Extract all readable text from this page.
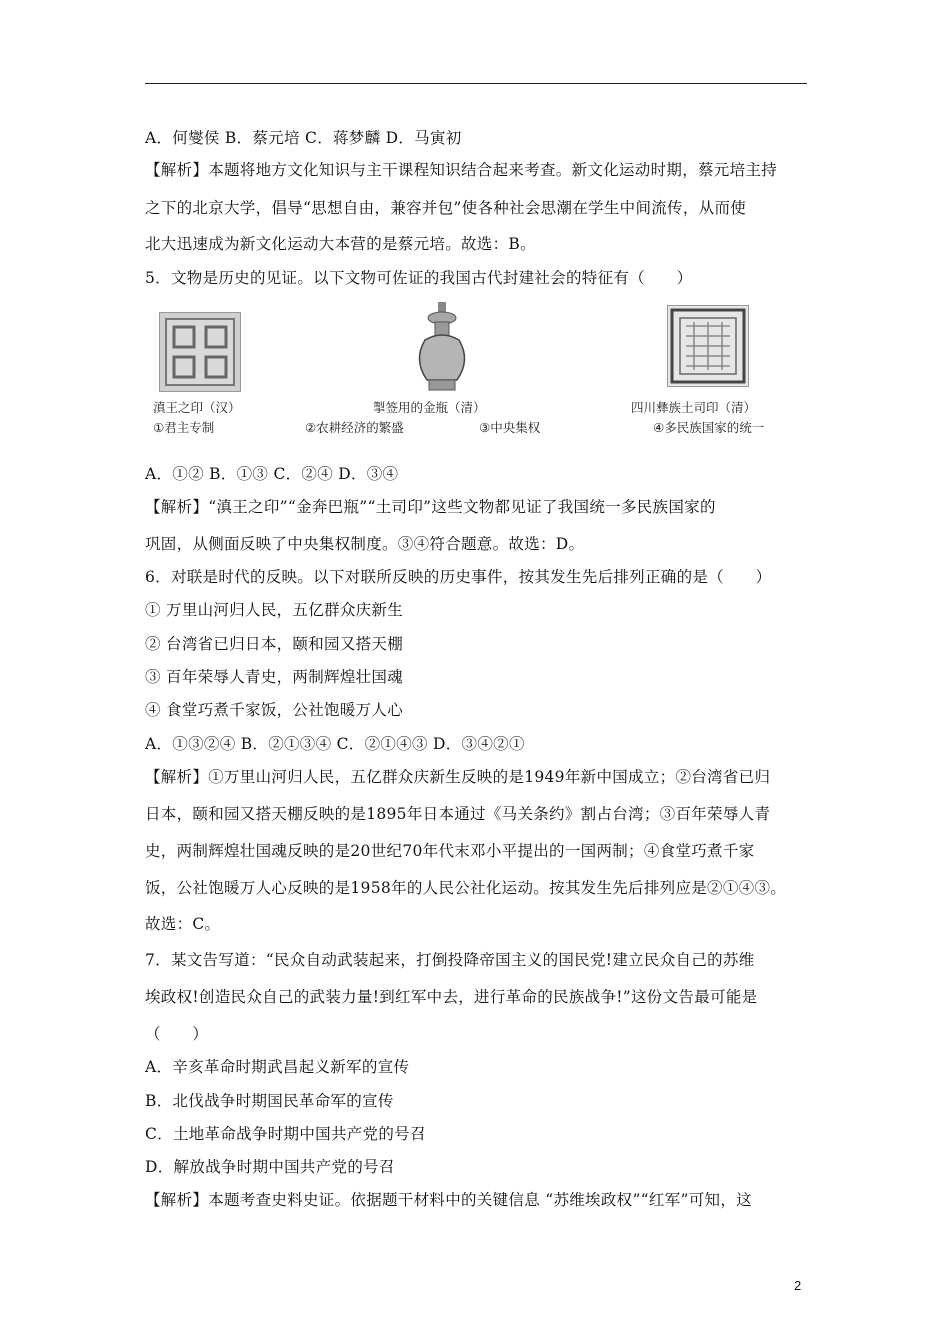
A．何燮侯 B．蔡元培 C．蒋梦麟 D．马寅初
【解析】本题将地方文化知识与主干课程知识结合起来考查。新文化运动时期，蔡元培主持
之下的北京大学，倡导“思想自由，兼容并包”使各种社会思潮在学生中间流传，从而使
北大迅速成为新文化运动大本营的是蔡元培。故选：B。
5．文物是历史的见证。以下文物可佐证的我国古代封建社会的特征有（　　）
滇王之印（汉）	掣签用的金瓶（清）	四川彝族土司印（清）
①君主专制	②农耕经济的繁盛	③中央集权	④多民族国家的统一
A．①② B．①③ C．②④ D．③④
【解析】“滇王之印”“金奔巴瓶”“土司印”这些文物都见证了我国统一多民族国家的
巩固，从侧面反映了中央集权制度。③④符合题意。故选：D。
6．对联是时代的反映。以下对联所反映的历史事件，按其发生先后排列正确的是（　　）
① 万里山河归人民，五亿群众庆新生
② 台湾省已归日本，颐和园又搭天棚
③ 百年荣辱人青史，两制辉煌壮国魂
④ 食堂巧煮千家饭，公社饱暖万人心
A．①③②④ B．②①③④ C．②①④③ D．③④②①
【解析】①万里山河归人民，五亿群众庆新生反映的是1949年新中国成立；②台湾省已归
日本，颐和园又搭天棚反映的是1895年日本通过《马关条约》割占台湾；③百年荣辱人青
史，两制辉煌壮国魂反映的是20世纪70年代末邓小平提出的一国两制；④食堂巧煮千家
饭，公社饱暖万人心反映的是1958年的人民公社化运动。按其发生先后排列应是②①④③。
故选：C。
7．某文告写道：“民众自动武装起来，打倒投降帝国主义的国民党!建立民众自己的苏维
埃政权!创造民众自己的武装力量!到红军中去，进行革命的民族战争!”这份文告最可能是
（　　）
A．辛亥革命时期武昌起义新军的宣传
B．北伐战争时期国民革命军的宣传
C．土地革命战争时期中国共产党的号召
D．解放战争时期中国共产党的号召
【解析】本题考查史料史证。依据题干材料中的关键信息 “苏维埃政权”“红军”可知，这
2
